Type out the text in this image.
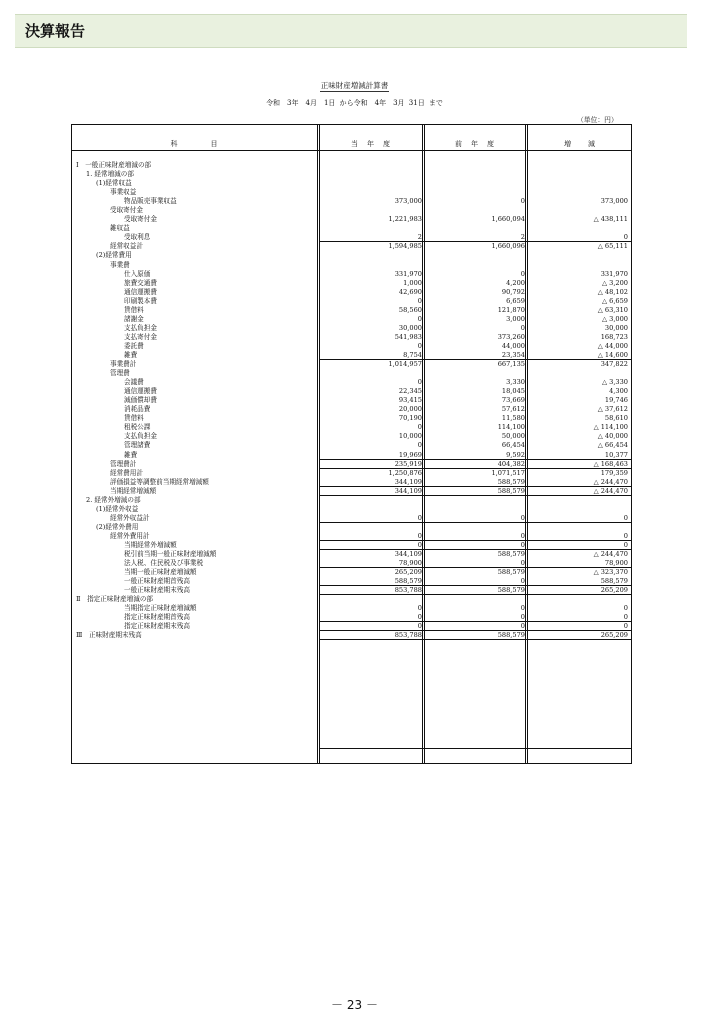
決算報告
正味財産増減計算書
令和　3年　4月　1日 から令和　4年　3月 31日 まで
（単位：円）
科　　　　目	当　年　度	前　年　度	増　　減
Ⅰ　一般正味財産増減の部
1. 経常増減の部
(1)経常収益
事業収益
物品販売事業収益	373,000	0	373,000
受取寄付金
受取寄付金	1,221,983	1,660,094	△ 438,111
雑収益
受取利息	2	2	0
経常収益計	1,594,985	1,660,096	△ 65,111
(2)経常費用
事業費
仕入原価	331,970	0	331,970
旅費交通費	1,000	4,200	△ 3,200
通信運搬費	42,690	90,792	△ 48,102
印刷製本費	0	6,659	△ 6,659
賃借料	58,560	121,870	△ 63,310
諸謝金	0	3,000	△ 3,000
支払負担金	30,000	0	30,000
支払寄付金	541,983	373,260	168,723
委託費	0	44,000	△ 44,000
雑費	8,754	23,354	△ 14,600
事業費計	1,014,957	667,135	347,822
管理費
会議費	0	3,330	△ 3,330
通信運搬費	22,345	18,045	4,300
減価償却費	93,415	73,669	19,746
消耗品費	20,000	57,612	△ 37,612
賃借料	70,190	11,580	58,610
租税公課	0	114,100	△ 114,100
支払負担金	10,000	50,000	△ 40,000
管理諸費	0	66,454	△ 66,454
雑費	19,969	9,592	10,377
管理費計	235,919	404,382	△ 168,463
経常費用計	1,250,876	1,071,517	179,359
評価損益等調整前当期経常増減額	344,109	588,579	△ 244,470
当期経常増減額	344,109	588,579	△ 244,470
2. 経常外増減の部
(1)経常外収益
経常外収益計	0	0	0
(2)経常外費用
経常外費用計	0	0	0
当期経常外増減額	0	0	0
税引前当期一般正味財産増減額	344,109	588,579	△ 244,470
法人税、住民税及び事業税	78,900	0	78,900
当期一般正味財産増減額	265,209	588,579	△ 323,370
一般正味財産期首残高	588,579	0	588,579
一般正味財産期末残高	853,788	588,579	265,209
Ⅱ　指定正味財産増減の部
当期指定正味財産増減額	0	0	0
指定正味財産期首残高	0	0	0
指定正味財産期末残高	0	0	0
Ⅲ　正味財産期末残高	853,788	588,579	265,209
－ 23 －
